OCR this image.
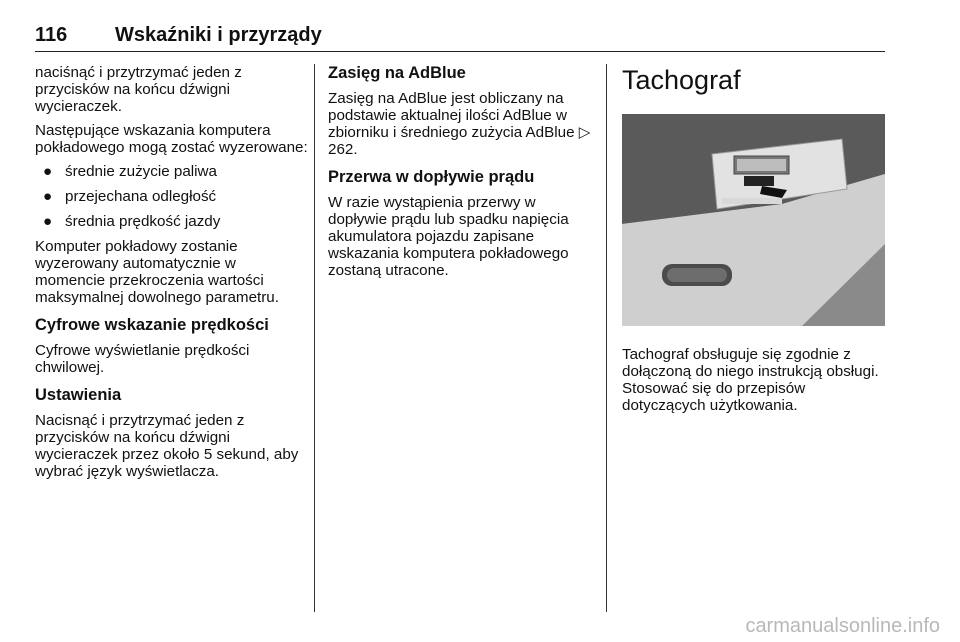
116 Wskaźniki i przyrządy

naciśnąć i przytrzymać jeden z przycisków na końcu dźwigni wycieraczek.

Następujące wskazania komputera pokładowego mogą zostać wyzerowane:

● średnie zużycie paliwa
● przejechana odległość
● średnia prędkość jazdy

Komputer pokładowy zostanie wyzerowany automatycznie w momencie przekroczenia wartości maksymalnej dowolnego parametru.

Cyfrowe wskazanie prędkości

Cyfrowe wyświetlanie prędkości chwilowej.

Ustawienia

Nacisnąć i przytrzymać jeden z przycisków na końcu dźwigni wycieraczek przez około 5 sekund, aby wybrać język wyświetlacza.

Zasięg na AdBlue

Zasięg na AdBlue jest obliczany na podstawie aktualnej ilości AdBlue w zbiorniku i średniego zużycia AdBlue ▷ 262.

Przerwa w dopływie prądu

W razie wystąpienia przerwy w dopływie prądu lub spadku napięcia akumulatora pojazdu zapisane wskazania komputera pokładowego zostaną utracone.

Tachograf

Tachograf obsługuje się zgodnie z dołączoną do niego instrukcją obsługi. Stosować się do przepisów dotyczących użytkowania.

carmanualsonline.info
